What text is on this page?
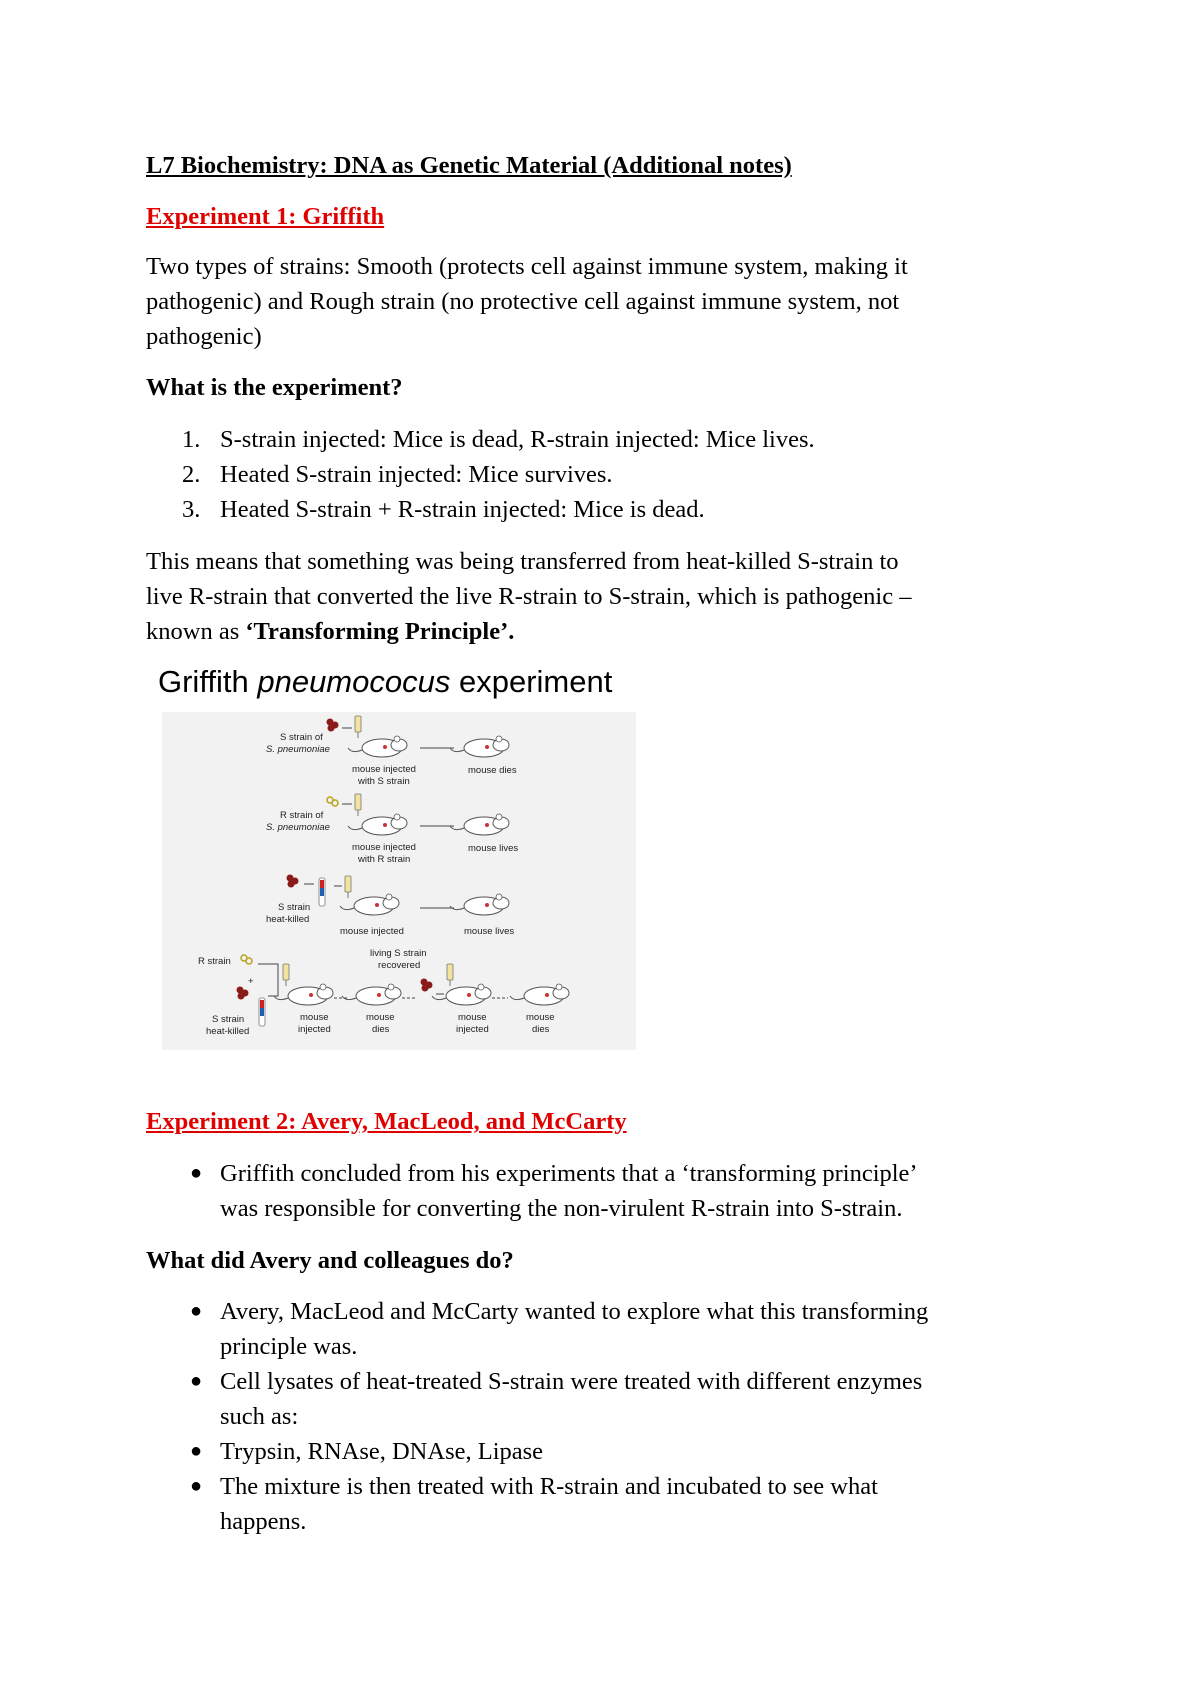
L7 Biochemistry: DNA as Genetic Material (Additional notes)
Experiment 1: Griffith
Two types of strains: Smooth (protects cell against immune system, making it
pathogenic) and Rough strain (no protective cell against immune system, not
pathogenic)
What is the experiment?
1. S-strain injected: Mice is dead, R-strain injected: Mice lives.
2. Heated S-strain injected: Mice survives.
3. Heated S-strain + R-strain injected: Mice is dead.
This means that something was being transferred from heat-killed S-strain to
live R-strain that converted the live R-strain to S-strain, which is pathogenic –
known as ‘Transforming Principle’.
Griffith pneumococus experiment
S strain of
S. pneumoniae
mouse injected
with S strain
mouse dies
R strain of
S. pneumoniae
mouse injected
with R strain
mouse lives
S strain
heat-killed
mouse injected	mouse lives
R strain
+
living S strain
recovered
S strain
heat-killed
mouse
injected
mouse
dies
mouse
injected
mouse
dies
Experiment 2: Avery, MacLeod, and McCarty
● Griffith concluded from his experiments that a ‘transforming principle’
was responsible for converting the non-virulent R-strain into S-strain.
What did Avery and colleagues do?
● Avery, MacLeod and McCarty wanted to explore what this transforming
principle was.
● Cell lysates of heat-treated S-strain were treated with different enzymes
such as:
● Trypsin, RNAse, DNAse, Lipase
● The mixture is then treated with R-strain and incubated to see what
happens.
